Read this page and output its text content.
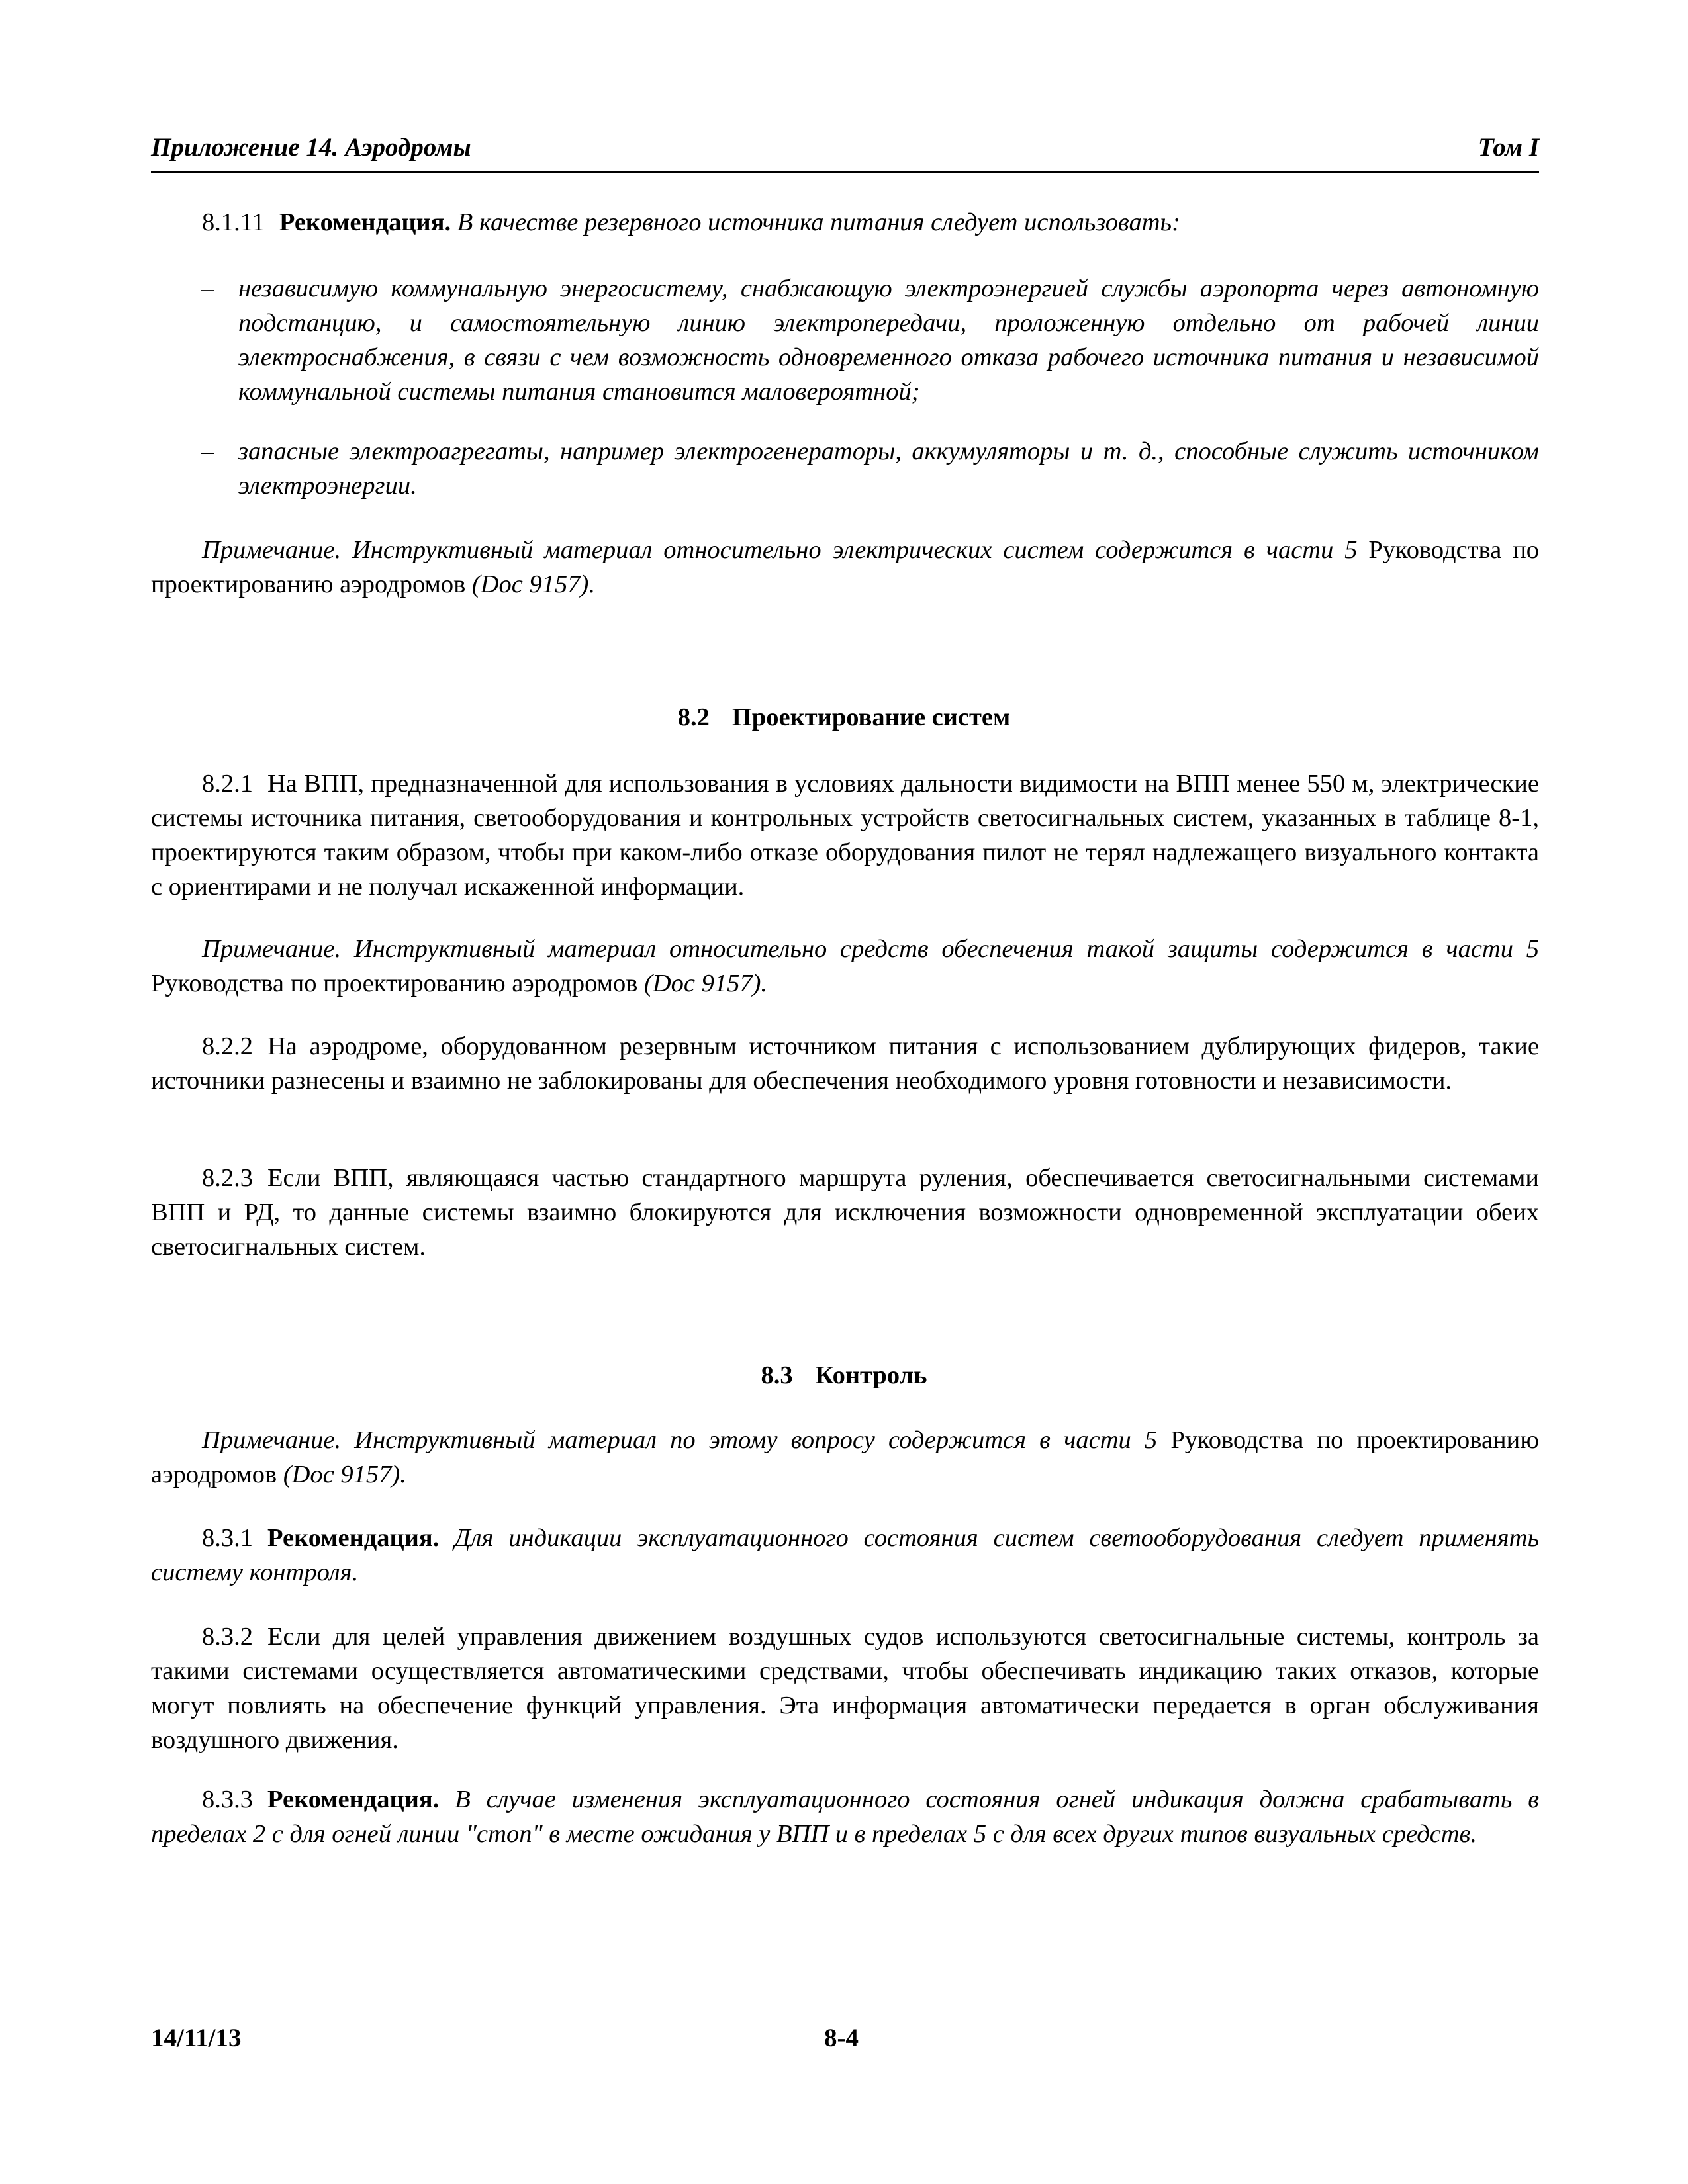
Приложение 14. Аэродромы	Том I
8.1.11 Рекомендация. В качестве резервного источника питания следует использовать:
– независимую коммунальную энергосистему, снабжающую электроэнергией службы аэропорта через автономную подстанцию, и самостоятельную линию электропередачи, проложенную отдельно от рабочей линии электроснабжения, в связи с чем возможность одновременного отказа рабочего источника питания и независимой коммунальной системы питания становится маловероятной;
– запасные электроагрегаты, например электрогенераторы, аккумуляторы и т. д., способные служить источником электроэнергии.
Примечание. Инструктивный материал относительно электрических систем содержится в части 5 Руководства по проектированию аэродромов (Doc 9157).
8.2 Проектирование систем
8.2.1 На ВПП, предназначенной для использования в условиях дальности видимости на ВПП менее 550 м, электрические системы источника питания, светооборудования и контрольных устройств светосигнальных систем, указанных в таблице 8-1, проектируются таким образом, чтобы при каком-либо отказе оборудования пилот не терял надлежащего визуального контакта с ориентирами и не получал искаженной информации.
Примечание. Инструктивный материал относительно средств обеспечения такой защиты содержится в части 5 Руководства по проектированию аэродромов (Doc 9157).
8.2.2 На аэродроме, оборудованном резервным источником питания с использованием дублирующих фидеров, такие источники разнесены и взаимно не заблокированы для обеспечения необходимого уровня готовности и независимости.
8.2.3 Если ВПП, являющаяся частью стандартного маршрута руления, обеспечивается светосигнальными системами ВПП и РД, то данные системы взаимно блокируются для исключения возможности одновременной эксплуатации обеих светосигнальных систем.
8.3 Контроль
Примечание. Инструктивный материал по этому вопросу содержится в части 5 Руководства по проектированию аэродромов (Doc 9157).
8.3.1 Рекомендация. Для индикации эксплуатационного состояния систем светооборудования следует применять систему контроля.
8.3.2 Если для целей управления движением воздушных судов используются светосигнальные системы, контроль за такими системами осуществляется автоматическими средствами, чтобы обеспечивать индикацию таких отказов, которые могут повлиять на обеспечение функций управления. Эта информация автоматически передается в орган обслуживания воздушного движения.
8.3.3 Рекомендация. В случае изменения эксплуатационного состояния огней индикация должна срабатывать в пределах 2 с для огней линии "стоп" в месте ожидания у ВПП и в пределах 5 с для всех других типов визуальных средств.
14/11/13	8-4
